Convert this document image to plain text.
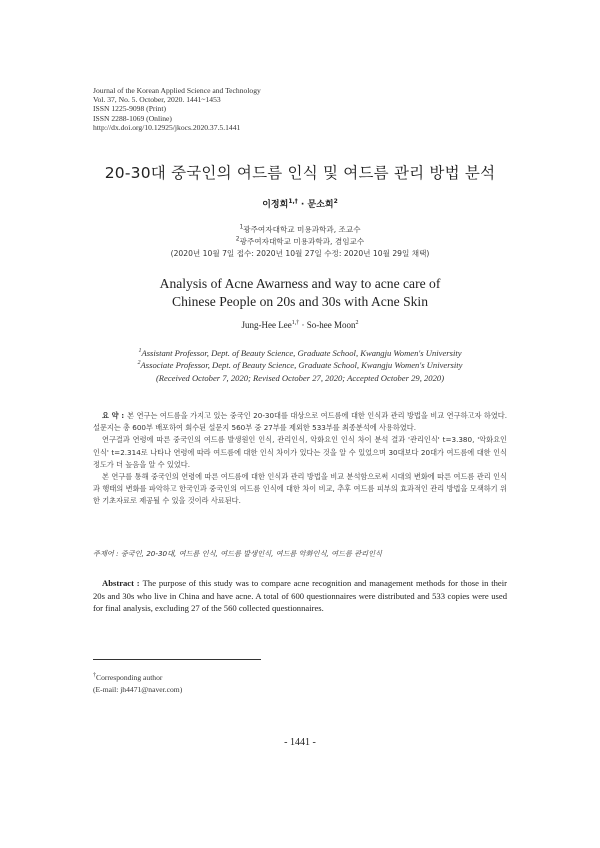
Journal of the Korean Applied Science and Technology
Vol. 37, No. 5. October, 2020. 1441~1453
ISSN 1225-9098 (Print)
ISSN 2288-1069 (Online)
http://dx.doi.org/10.12925/jkocs.2020.37.5.1441
20-30대 중국인의 여드름 인식 및 여드름 관리 방법 분석
이정희$^{1,\dagger}$ · 문소희$^2$
$^1$광주여자대학교 미용과학과, 조교수
$^2$광주여자대학교 미용과학과, 겸임교수
(2020년 10월 7일 접수: 2020년 10월 27일 수정: 2020년 10월 29일 채택)
Analysis of Acne Awarness and way to acne care of
Chinese People on 20s and 30s with Acne Skin
Jung-Hee Lee$^{1,\dagger}$ · So-hee Moon$^2$
$^1$Assistant Professor, Dept. of Beauty Science, Graduate School, Kwangju Women's University
$^2$Associate Professor, Dept. of Beauty Science, Graduate School, Kwangju Women's University
(Received October 7, 2020; Revised October 27, 2020; Accepted October 29, 2020)

요 약 : 본 연구는 여드름을 가지고 있는 중국인 20-30대를 대상으로 여드름에 대한 인식과 관리 방법을 비교 연구하고자 하였다. 설문지는 총 600부 배포하여 회수된 설문지 560부 중 27부를 제외한 533부를 최종분석에 사용하였다.

연구결과 연령에 따른 중국인의 여드름 발생원인 인식, 관리인식, 악화요인 인식 차이 분석 결과 '관리인식' t=3.380, '악화요인 인식' t=2.314로 나타나 연령에 따라 여드름에 대한 인식 차이가 있다는 것을 알 수 있었으며 30대보다 20대가 여드름에 대한 인식 정도가 더 높음을 알 수 있었다.

본 연구를 통해 중국인의 연령에 따른 여드름에 대한 인식과 관리 방법을 비교 분석함으로써 시대의 변화에 따른 여드름 관리 인식과 행태의 변화를 파악하고 한국인과 중국인의 여드름 인식에 대한 차이 비교, 추후 여드름 피부의 효과적인 관리 방법을 모색하기 위한 기초자료로 제공될 수 있을 것이라 사료된다.

주제어 : 중국인, 20-30대, 여드름 인식, 여드름 발생인식, 여드름 악화인식, 여드름 관리인식

Abstract : The purpose of this study was to compare acne recognition and management methods for those in their 20s and 30s who live in China and have acne. A total of 600 questionnaires were distributed and 533 copies were used for final analysis, excluding 27 of the 560 collected questionnaires.

†Corresponding author
(E-mail: jh4471@naver.com)
- 1441 -
